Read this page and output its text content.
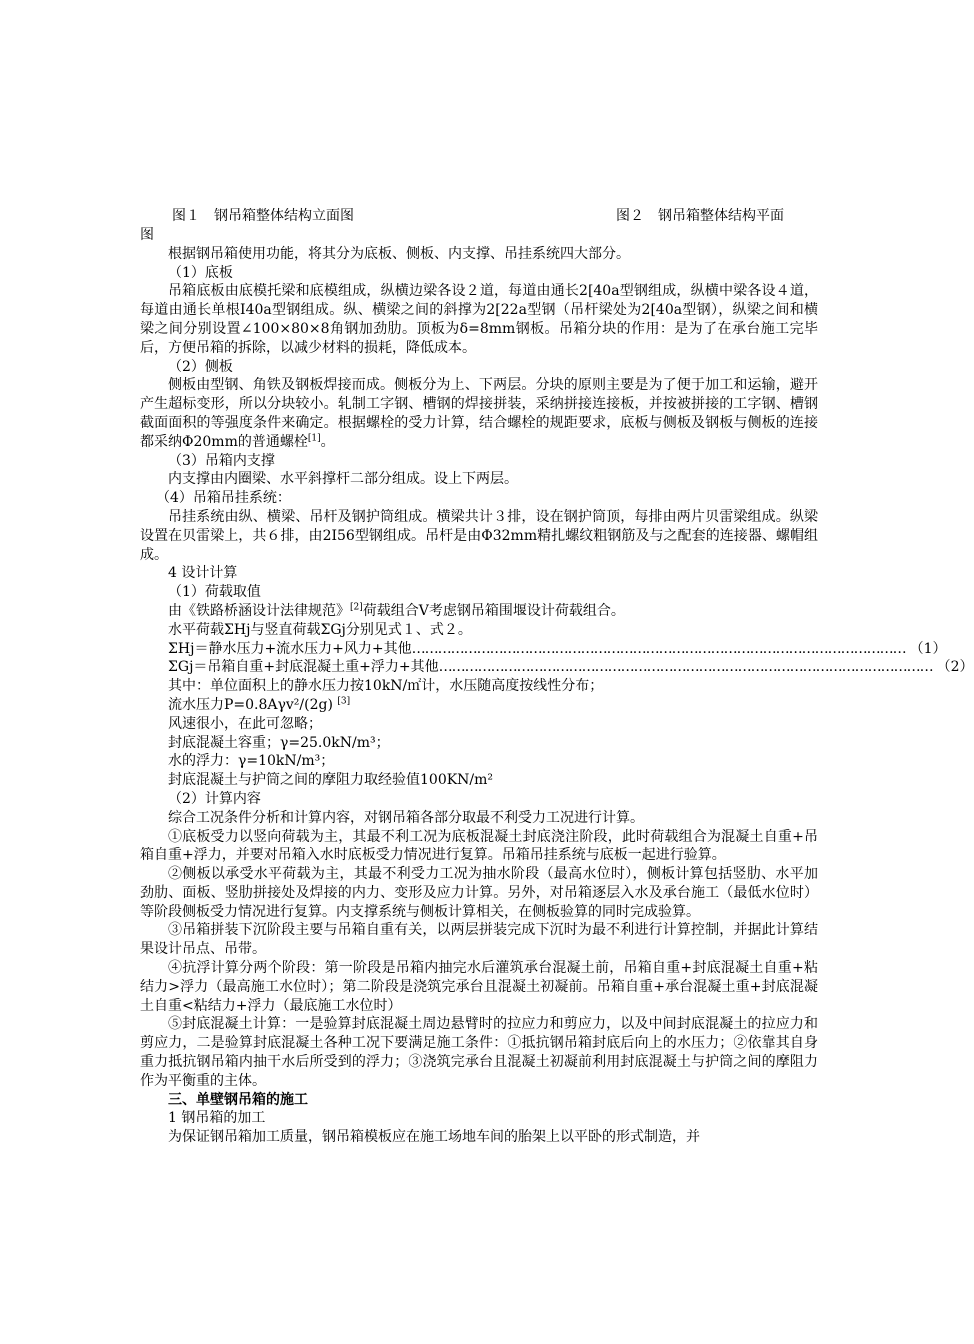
图１　钢吊箱整体结构立面图	图２　钢吊箱整体结构平面

图

根据钢吊箱使用功能，将其分为底板、侧板、内支撑、吊挂系统四大部分。

（1）底板

吊箱底板由底模托梁和底模组成，纵横边梁各设２道，每道由通长2[40a型钢组成，纵横中梁各设４道，每道由通长单根I40a型钢组成。纵、横梁之间的斜撑为2[22a型钢（吊杆梁处为2[40a型钢），纵梁之间和横梁之间分别设置∠100×80×8角钢加劲肋。顶板为δ=8mm钢板。吊箱分块的作用：是为了在承台施工完毕后，方便吊箱的拆除，以减少材料的损耗，降低成本。

（2）侧板

侧板由型钢、角铁及钢板焊接而成。侧板分为上、下两层。分块的原则主要是为了便于加工和运输，避开产生超标变形，所以分块较小。轧制工字钢、槽钢的焊接拼装，采纳拼接连接板，并按被拼接的工字钢、槽钢截面面积的等强度条件来确定。根据螺栓的受力计算，结合螺栓的规距要求，底板与侧板及钢板与侧板的连接都采纳Φ20mm的普通螺栓[1]。

（3）吊箱内支撑

内支撑由内圈梁、水平斜撑杆二部分组成。设上下两层。

（4）吊箱吊挂系统：

吊挂系统由纵、横梁、吊杆及钢护筒组成。横梁共计３排，设在钢护筒顶，每排由两片贝雷梁组成。纵梁设置在贝雷梁上，共６排，由2I56型钢组成。吊杆是由Φ32mm精扎螺纹粗钢筋及与之配套的连接器、螺帽组成。

4 设计计算

（1）荷载取值

由《铁路桥涵设计法律规范》[2]荷载组合Ⅴ考虑钢吊箱围堰设计荷载组合。

水平荷载ΣHj与竖直荷载ΣGj分别见式１、式２。

ΣHj＝静水压力+流水压力+风力+其他 …………………………………………………………………………………………………… （1）
ΣGj＝吊箱自重+封底混凝土重+浮力+其他 …………………………………………………………………………………………………… （2）

其中：单位面积上的静水压力按10kN/㎡计，水压随高度按线性分布；

流水压力P=0.8Aγv²/(2g) [3]

风速很小，在此可忽略；

封底混凝土容重；γ=25.0kN/m³；

水的浮力：γ=10kN/m³；

封底混凝土与护筒之间的摩阻力取经验值100KN/m²

（2）计算内容

综合工况条件分析和计算内容，对钢吊箱各部分取最不利受力工况进行计算。

①底板受力以竖向荷载为主，其最不利工况为底板混凝土封底浇注阶段，此时荷载组合为混凝土自重+吊箱自重+浮力，并要对吊箱入水时底板受力情况进行复算。吊箱吊挂系统与底板一起进行验算。

②侧板以承受水平荷载为主，其最不利受力工况为抽水阶段（最高水位时），侧板计算包括竖肋、水平加劲肋、面板、竖肋拼接处及焊接的内力、变形及应力计算。另外，对吊箱逐层入水及承台施工（最低水位时）等阶段侧板受力情况进行复算。内支撑系统与侧板计算相关，在侧板验算的同时完成验算。

③吊箱拼装下沉阶段主要与吊箱自重有关，以两层拼装完成下沉时为最不利进行计算控制，并据此计算结果设计吊点、吊带。

④抗浮计算分两个阶段：第一阶段是吊箱内抽完水后灌筑承台混凝土前，吊箱自重+封底混凝土自重+粘结力>浮力（最高施工水位时）；第二阶段是浇筑完承台且混凝土初凝前。吊箱自重+承台混凝土重+封底混凝土自重<粘结力+浮力（最底施工水位时）

⑤封底混凝土计算：一是验算封底混凝土周边悬臂时的拉应力和剪应力，以及中间封底混凝土的拉应力和剪应力，二是验算封底混凝土各种工况下要满足施工条件：①抵抗钢吊箱封底后向上的水压力；②依靠其自身重力抵抗钢吊箱内抽干水后所受到的浮力；③浇筑完承台且混凝土初凝前利用封底混凝土与护筒之间的摩阻力作为平衡重的主体。

三、单壁钢吊箱的施工

1 钢吊箱的加工

为保证钢吊箱加工质量，钢吊箱模板应在施工场地车间的胎架上以平卧的形式制造，并
